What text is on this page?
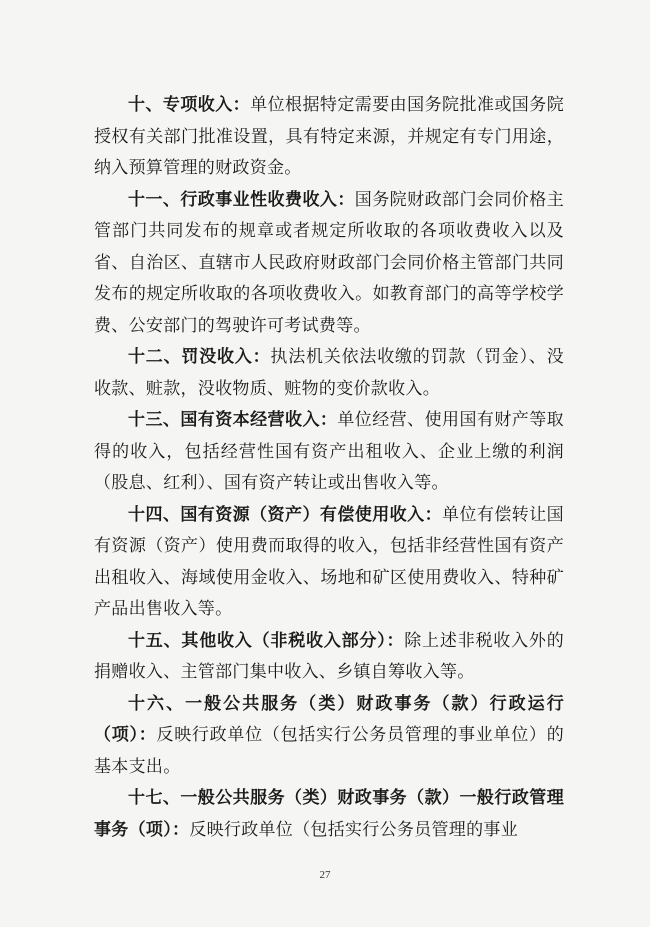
十、专项收入：单位根据特定需要由国务院批准或国务院授权有关部门批准设置，具有特定来源，并规定有专门用途，纳入预算管理的财政资金。

十一、行政事业性收费收入：国务院财政部门会同价格主管部门共同发布的规章或者规定所收取的各项收费收入以及省、自治区、直辖市人民政府财政部门会同价格主管部门共同发布的规定所收取的各项收费收入。如教育部门的高等学校学费、公安部门的驾驶许可考试费等。

十二、罚没收入：执法机关依法收缴的罚款（罚金）、没收款、赃款，没收物质、赃物的变价款收入。

十三、国有资本经营收入：单位经营、使用国有财产等取得的收入，包括经营性国有资产出租收入、企业上缴的利润（股息、红利）、国有资产转让或出售收入等。

十四、国有资源（资产）有偿使用收入：单位有偿转让国有资源（资产）使用费而取得的收入，包括非经营性国有资产出租收入、海域使用金收入、场地和矿区使用费收入、特种矿产品出售收入等。

十五、其他收入（非税收入部分）：除上述非税收入外的捐赠收入、主管部门集中收入、乡镇自筹收入等。

十六、一般公共服务（类）财政事务（款）行政运行（项）：反映行政单位（包括实行公务员管理的事业单位）的基本支出。

十七、一般公共服务（类）财政事务（款）一般行政管理事务（项）：反映行政单位（包括实行公务员管理的事业

27
